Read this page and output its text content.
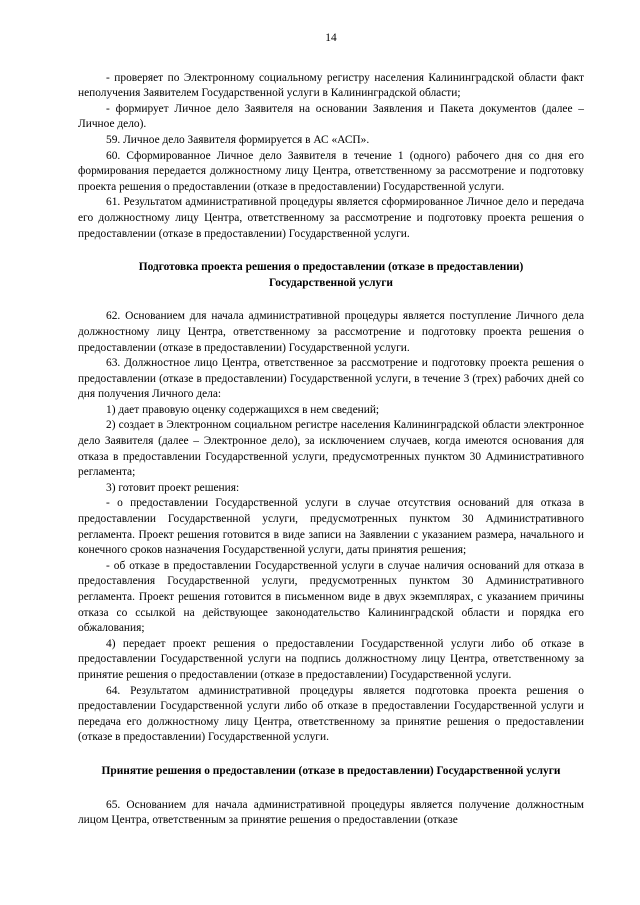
14

- проверяет по Электронному социальному регистру населения Калининградской области факт неполучения Заявителем Государственной услуги в Калининградской области;

- формирует Личное дело Заявителя на основании Заявления и Пакета документов (далее – Личное дело).

59. Личное дело Заявителя формируется в АС «АСП».

60. Сформированное Личное дело Заявителя в течение 1 (одного) рабочего дня со дня его формирования передается должностному лицу Центра, ответственному за рассмотрение и подготовку проекта решения о предоставлении (отказе в предоставлении) Государственной услуги.

61. Результатом административной процедуры является сформированное Личное дело и передача его должностному лицу Центра, ответственному за рассмотрение и подготовку проекта решения о предоставлении (отказе в предоставлении) Государственной услуги.

Подготовка проекта решения о предоставлении (отказе в предоставлении) Государственной услуги

62. Основанием для начала административной процедуры является поступление Личного дела должностному лицу Центра, ответственному за рассмотрение и подготовку проекта решения о предоставлении (отказе в предоставлении) Государственной услуги.

63. Должностное лицо Центра, ответственное за рассмотрение и подготовку проекта решения о предоставлении (отказе в предоставлении) Государственной услуги, в течение 3 (трех) рабочих дней со дня получения Личного дела:

1) дает правовую оценку содержащихся в нем сведений;

2) создает в Электронном социальном регистре населения Калининградской области электронное дело Заявителя (далее – Электронное дело), за исключением случаев, когда имеются основания для отказа в предоставлении Государственной услуги, предусмотренных пунктом 30 Административного регламента;

3) готовит проект решения:

- о предоставлении Государственной услуги в случае отсутствия оснований для отказа в предоставлении Государственной услуги, предусмотренных пунктом 30 Административного регламента. Проект решения готовится в виде записи на Заявлении с указанием размера, начального и конечного сроков назначения Государственной услуги, даты принятия решения;

- об отказе в предоставлении Государственной услуги в случае наличия оснований для отказа в предоставления Государственной услуги, предусмотренных пунктом 30 Административного регламента. Проект решения готовится в письменном виде в двух экземплярах, с указанием причины отказа со ссылкой на действующее законодательство Калининградской области и порядка его обжалования;

4) передает проект решения о предоставлении Государственной услуги либо об отказе в предоставлении Государственной услуги на подпись должностному лицу Центра, ответственному за принятие решения о предоставлении (отказе в предоставлении) Государственной услуги.

64. Результатом административной процедуры является подготовка проекта решения о предоставлении Государственной услуги либо об отказе в предоставлении Государственной услуги и передача его должностному лицу Центра, ответственному за принятие решения о предоставлении (отказе в предоставлении) Государственной услуги.

Принятие решения о предоставлении (отказе в предоставлении) Государственной услуги

65. Основанием для начала административной процедуры является получение должностным лицом Центра, ответственным за принятие решения о предоставлении (отказе
